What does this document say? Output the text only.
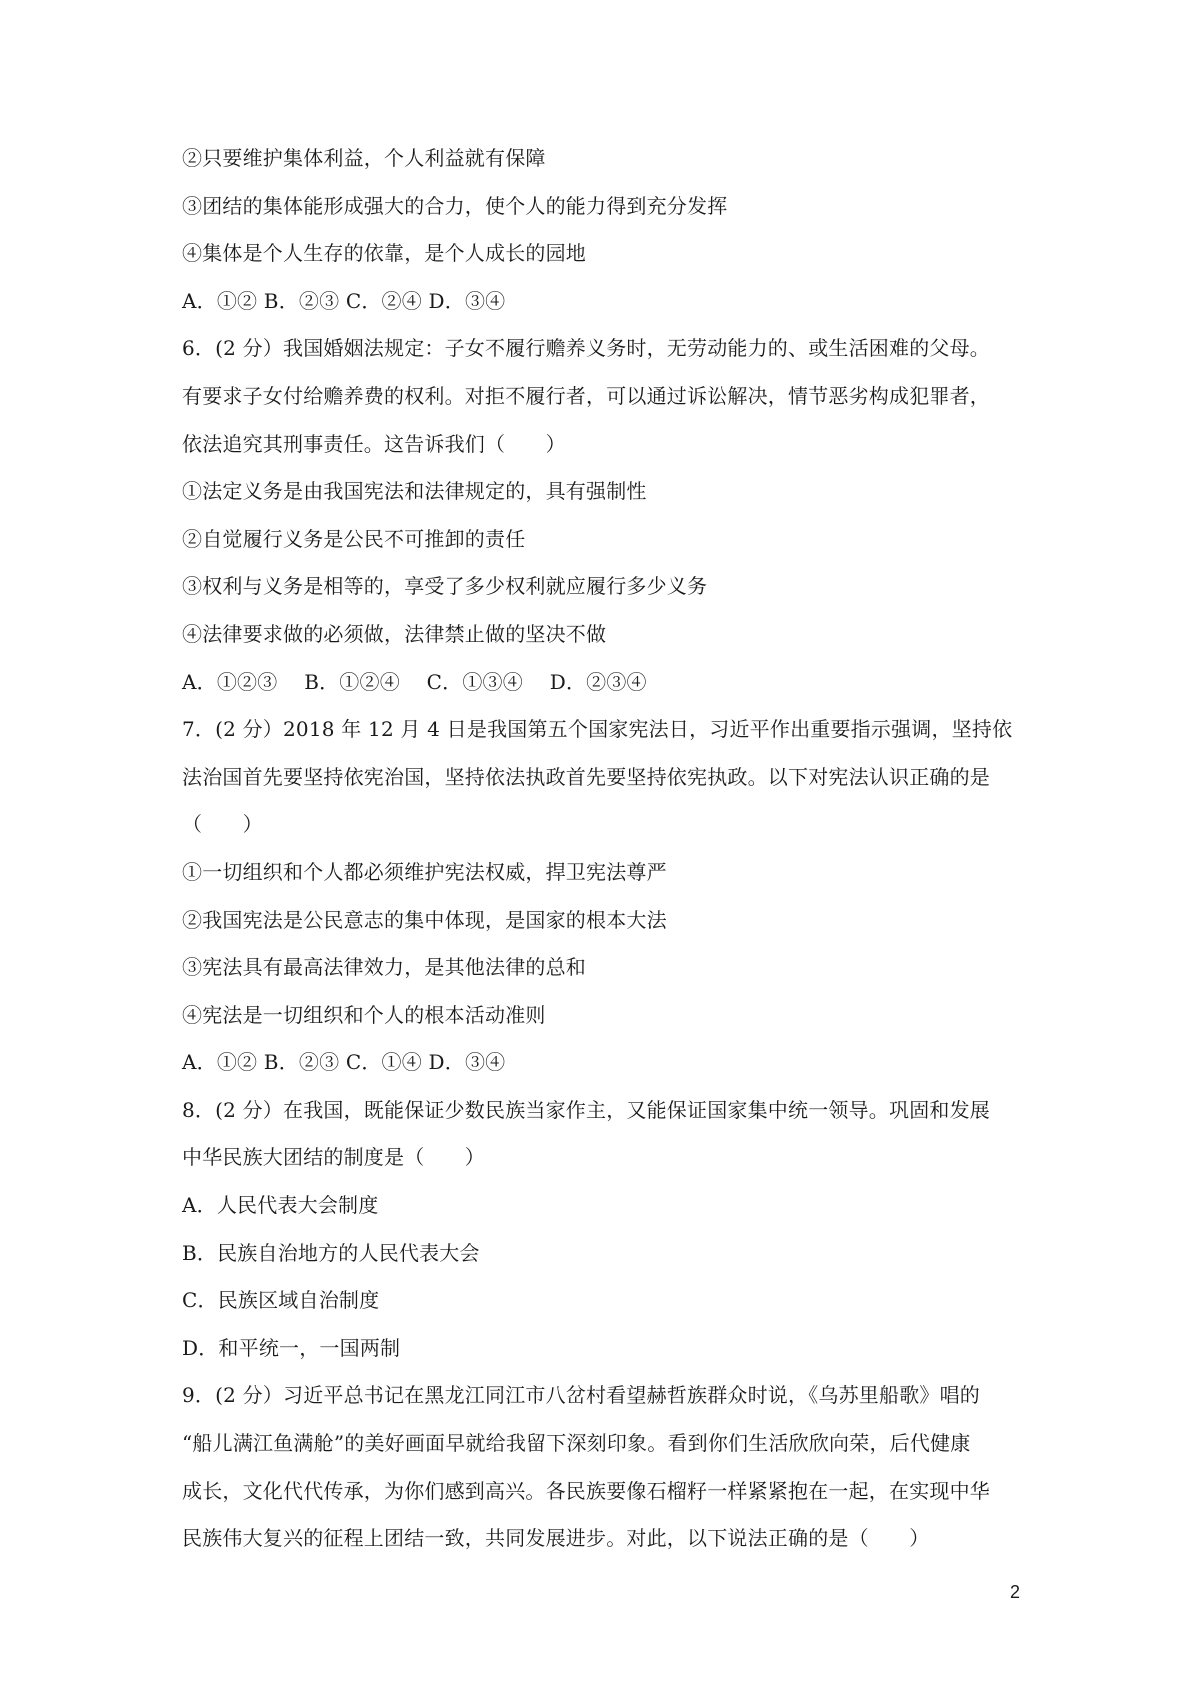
②只要维护集体利益，个人利益就有保障
③团结的集体能形成强大的合力，使个人的能力得到充分发挥
④集体是个人生存的依靠，是个人成长的园地
A．①② B．②③ C．②④ D．③④
6．(2 分）我国婚姻法规定：子女不履行赡养义务时，无劳动能力的、或生活困难的父母。
有要求子女付给赡养费的权利。对拒不履行者，可以通过诉讼解决，情节恶劣构成犯罪者，
依法追究其刑事责任。这告诉我们（　　）
①法定义务是由我国宪法和法律规定的，具有强制性
②自觉履行义务是公民不可推卸的责任
③权利与义务是相等的，享受了多少权利就应履行多少义务
④法律要求做的必须做，法律禁止做的坚决不做
A．①②③　 B．①②④　 C．①③④　 D．②③④
7．(2 分）2018 年 12 月 4 日是我国第五个国家宪法日，习近平作出重要指示强调，坚持依
法治国首先要坚持依宪治国，坚持依法执政首先要坚持依宪执政。以下对宪法认识正确的是
（　　）
①一切组织和个人都必须维护宪法权威，捍卫宪法尊严
②我国宪法是公民意志的集中体现，是国家的根本大法
③宪法具有最高法律效力，是其他法律的总和
④宪法是一切组织和个人的根本活动准则
A．①② B．②③ C．①④ D．③④
8．(2 分）在我国，既能保证少数民族当家作主，又能保证国家集中统一领导。巩固和发展
中华民族大团结的制度是（　　）
A．人民代表大会制度
B．民族自治地方的人民代表大会
C．民族区域自治制度
D．和平统一，一国两制
9．(2 分）习近平总书记在黑龙江同江市八岔村看望赫哲族群众时说，《乌苏里船歌》唱的
“船儿满江鱼满舱”的美好画面早就给我留下深刻印象。看到你们生活欣欣向荣，后代健康
成长，文化代代传承，为你们感到高兴。各民族要像石榴籽一样紧紧抱在一起，在实现中华
民族伟大复兴的征程上团结一致，共同发展进步。对此，以下说法正确的是（　　）
2
